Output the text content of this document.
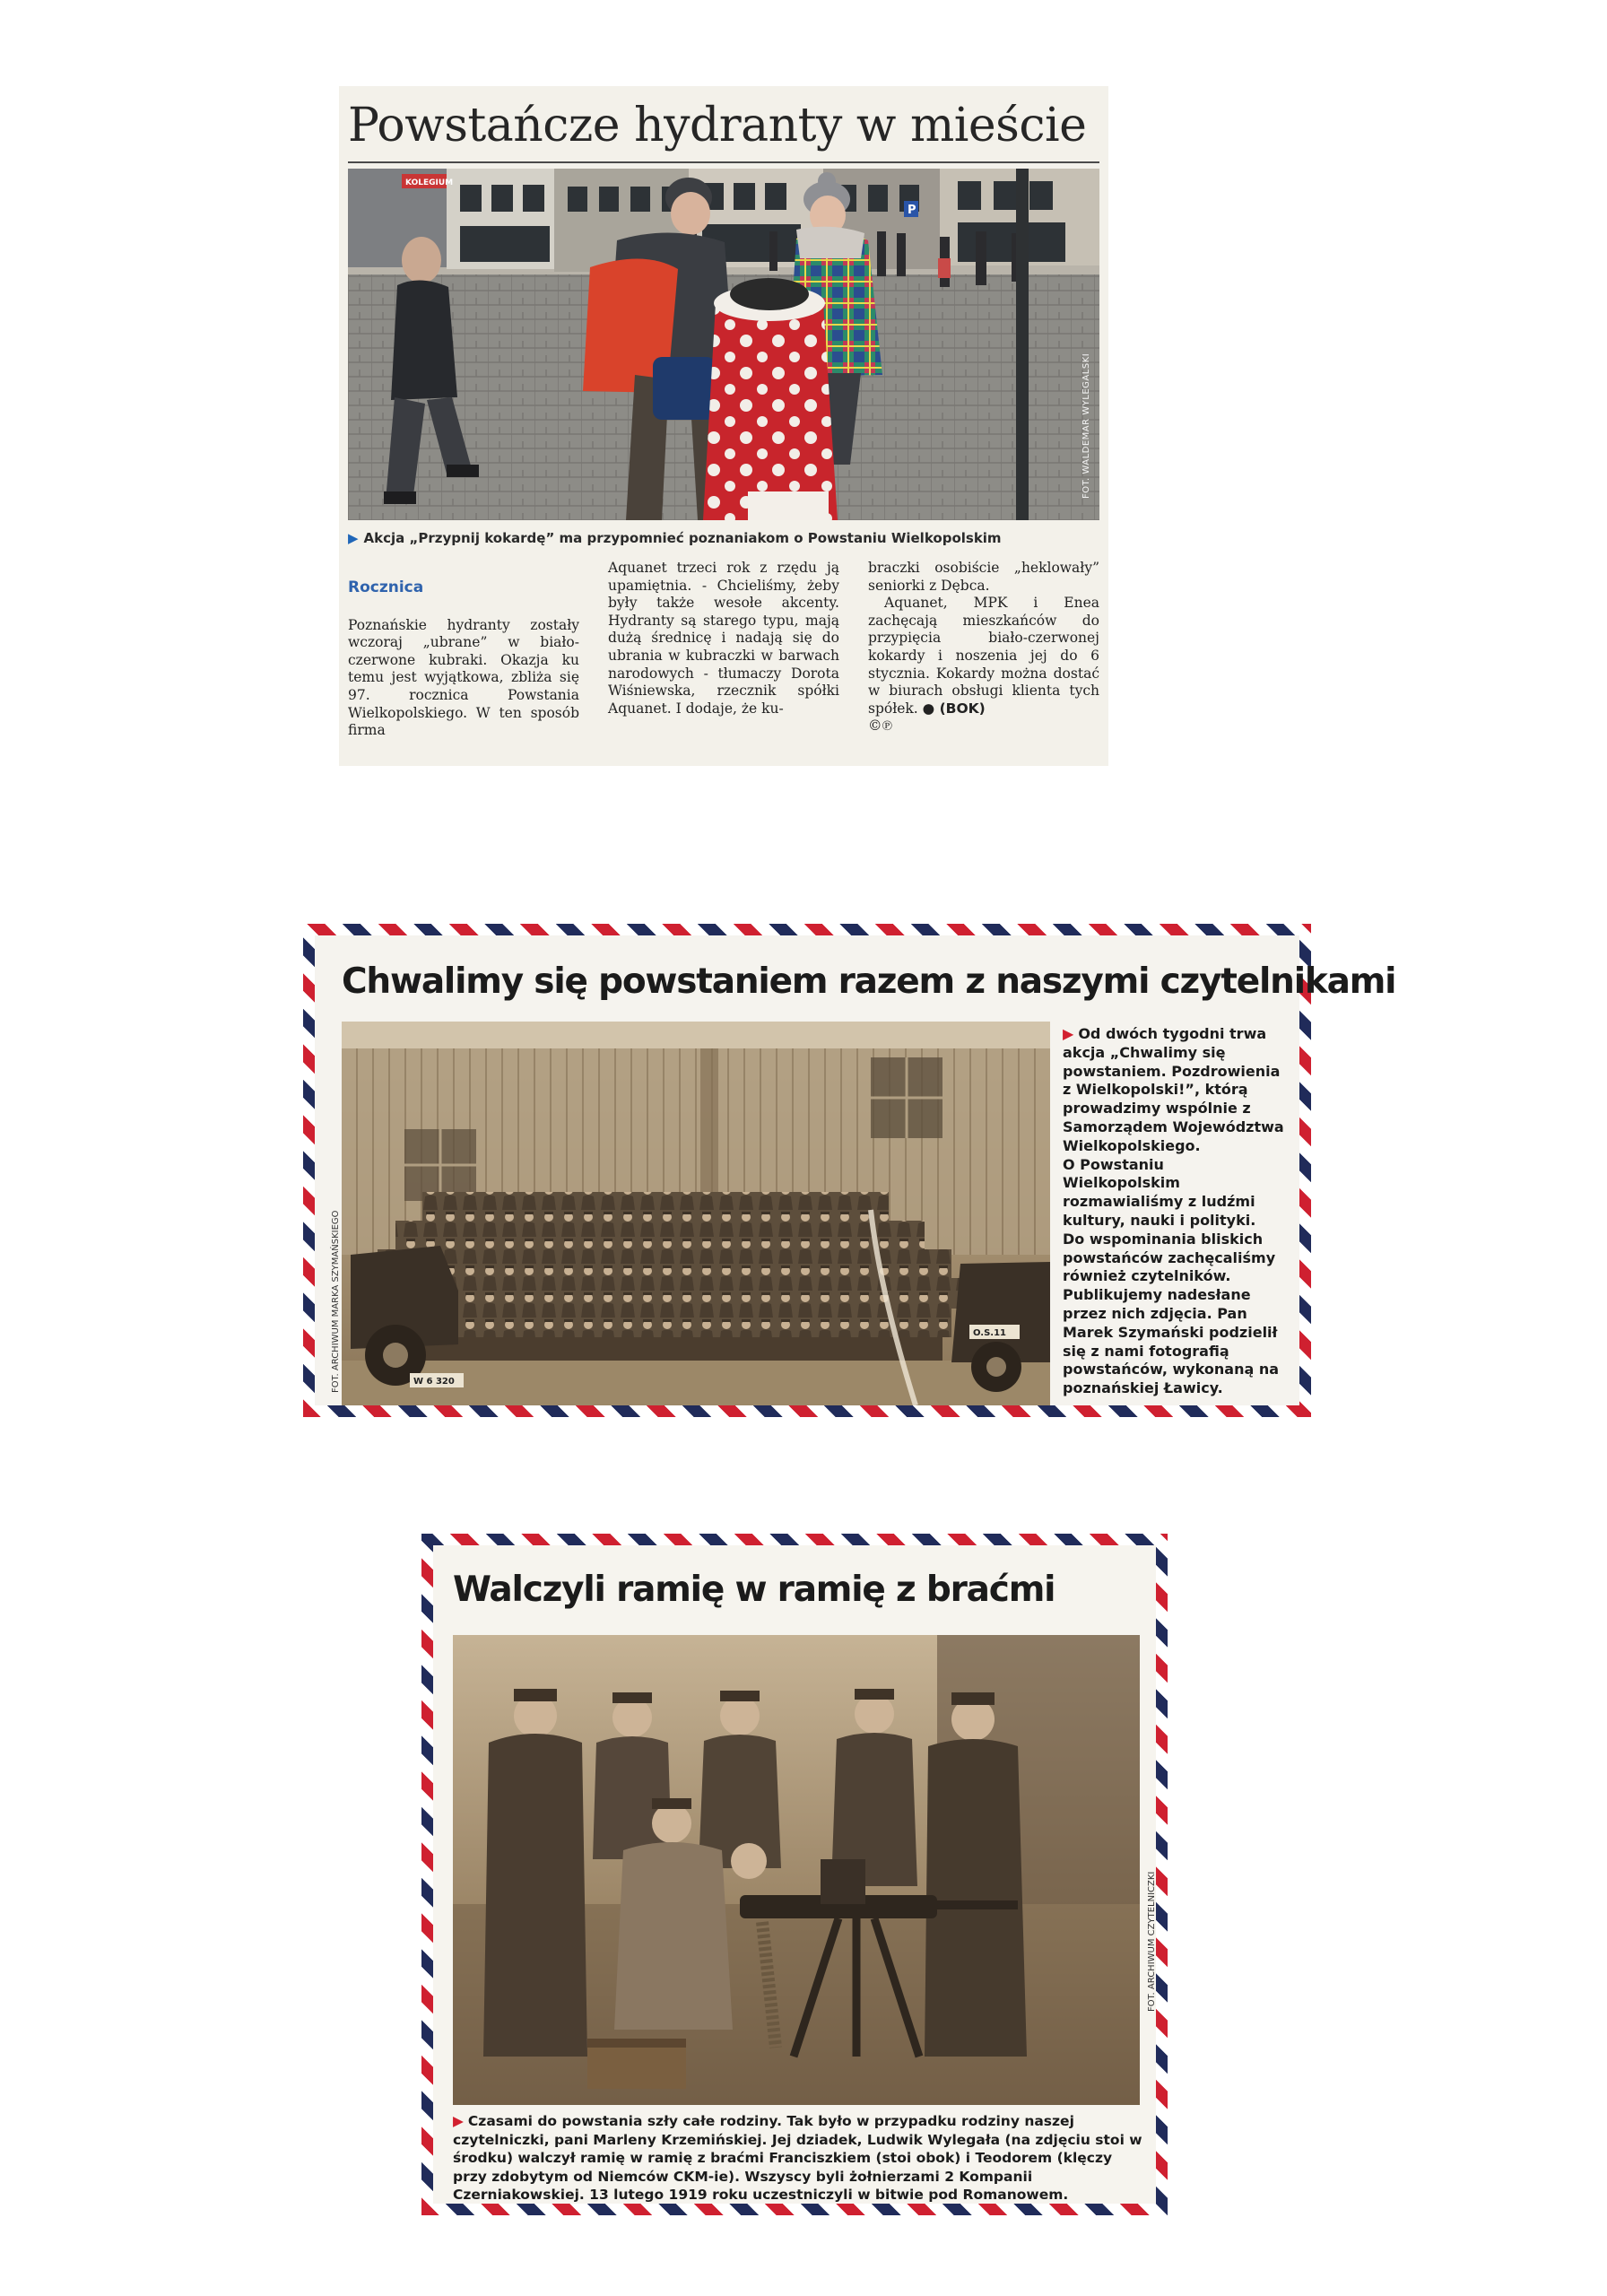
Powstańcze hydranty w mieście
KOLEGIUM
P
▶ Akcja „Przypnij kokardę” ma przypomnieć poznaniakom o Powstaniu Wielkopolskim
Rocznica

Poznańskie hydranty zostały wczoraj „ubrane” w biało-czerwone kubraki. Okazja ku temu jest wyjątkowa, zbliża się 97. rocznica Powstania Wielkopolskiego. W ten sposób firma

Aquanet trzeci rok z rzędu ją upamiętnia. - Chcieliśmy, żeby były także wesołe akcenty. Hydranty są starego typu, mają dużą średnicę i nadają się do ubrania w kubraczki w barwach narodowych - tłumaczy Dorota Wiśniewska, rzecznik spółki Aquanet. I dodaje, że ku-

braczki osobiście „heklowały” seniorki z Dębca.

Aquanet, MPK i Enea zachęcają mieszkańców do przypięcia biało-czerwonej kokardy i noszenia jej do 6 stycznia. Kokardy można dostać w biurach obsługi klienta tych spółek. ● (BOK)

©℗

Chwalimy się powstaniem razem z naszymi czytelnikami
W 6 320
O.S.11
FOT. ARCHIWUM MARKA SZYMAŃSKIEGO

▶ Od dwóch tygodni trwa akcja „Chwalimy się powstaniem. Pozdrowienia z Wielkopolski!”, którą prowadzimy wspólnie z Samorządem Województwa Wielkopolskiego.

O Powstaniu Wielkopolskim rozmawialiśmy z ludźmi kultury, nauki i polityki.

Do wspominania bliskich powstańców zachęcaliśmy również czytelników. Publikujemy nadesłane przez nich zdjęcia. Pan Marek Szymański podzielił się z nami fotografią powstańców, wykonaną na poznańskiej Ławicy.

Walczyli ramię w ramię z braćmi
FOT. ARCHIWUM CZYTELNICZKI

▶ Czasami do powstania szły całe rodziny. Tak było w przypadku rodziny naszej czytelniczki, pani Marleny Krzemińskiej. Jej dziadek, Ludwik Wylegała (na zdjęciu stoi w środku) walczył ramię w ramię z braćmi Franciszkiem (stoi obok) i Teodorem (klęczy przy zdobytym od Niemców CKM-ie). Wszyscy byli żołnierzami 2 Kompanii Czerniakowskiej. 13 lutego 1919 roku uczestniczyli w bitwie pod Romanowem.
